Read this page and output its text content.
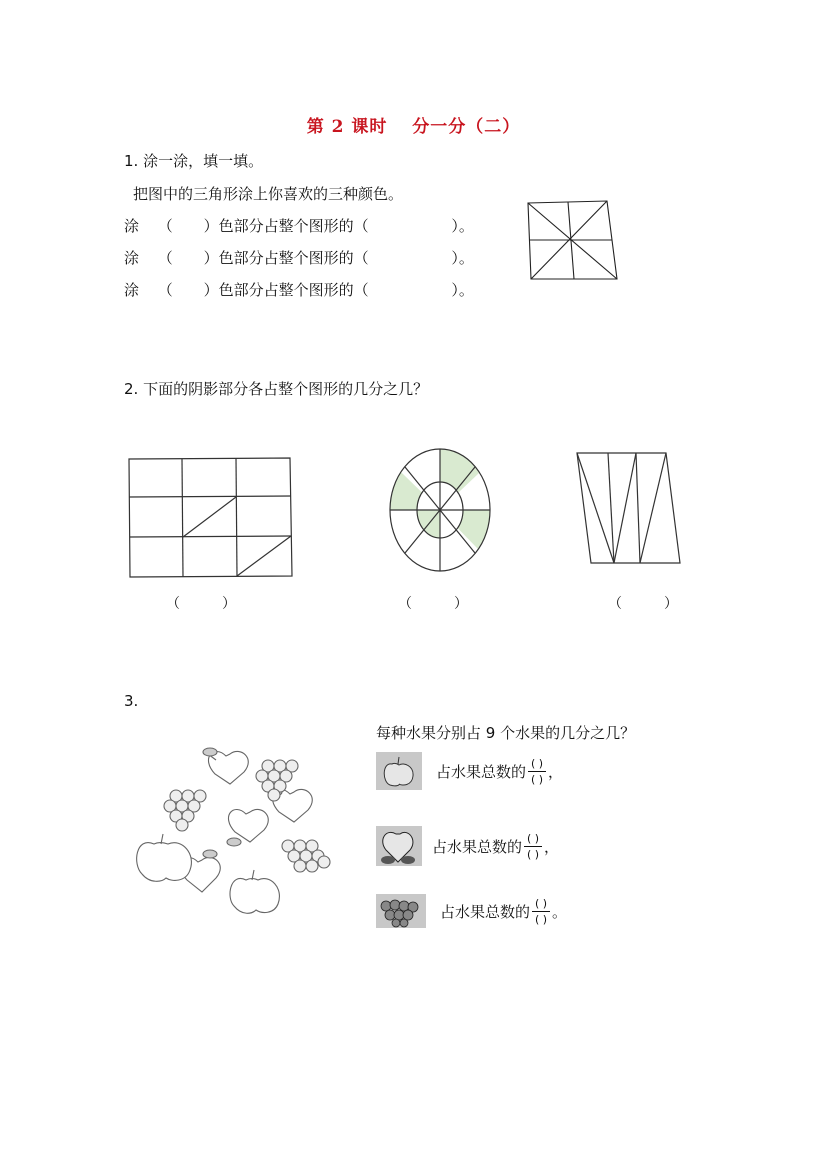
第 2 课时　 分一分（二）
1. 涂一涂，填一填。
把图中的三角形涂上你喜欢的三种颜色。
涂 （ ）色部分占整个图形的（	）。
涂 （ ）色部分占整个图形的（	）。
涂 （ ）色部分占整个图形的（	）。
2. 下面的阴影部分各占整个图形的几分之几？
（　　　）	（　　　）	（　　　）
3.
每种水果分别占 9 个水果的几分之几？
占水果总数的 $\frac{( )}{( )}$ ，
占水果总数的 $\frac{( )}{( )}$ ，
占水果总数的 $\frac{( )}{( )}$ 。
